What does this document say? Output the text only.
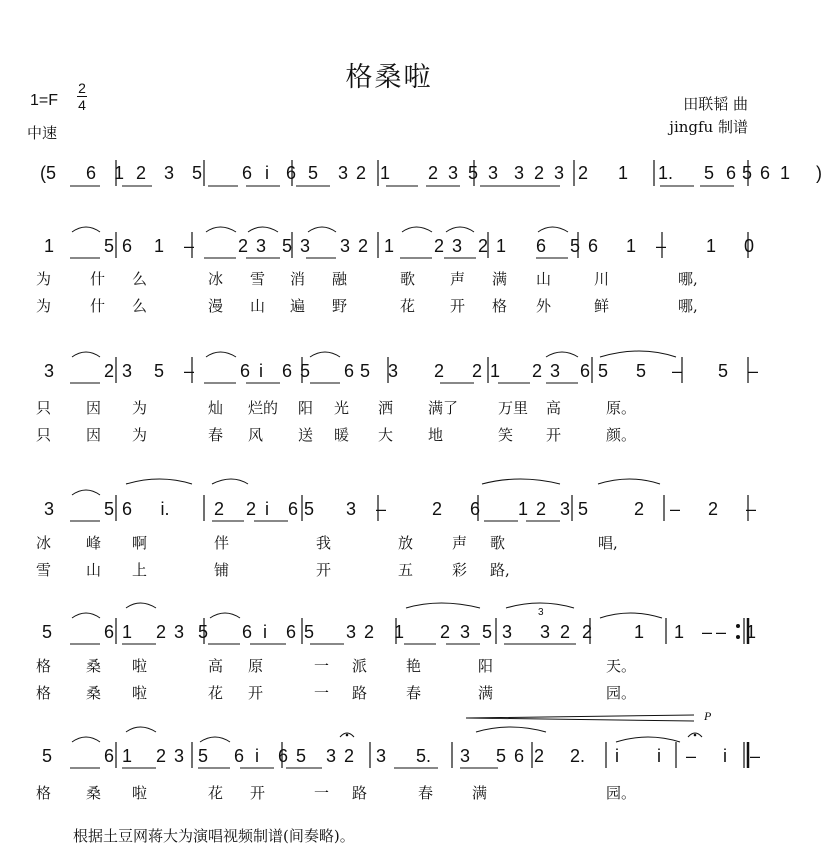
格桑啦
1=F
2
4
中速
田联韬 曲
jingfu 制谱
(5 6 1 2 3 5 6 i 6 5 3 2 1 2 3 5 3 3 2 3 2 1 1. 5 6 5 6 1 )
1	5 6 1 – 2 3 5 3 3 2 1 2 3 2 1 6 5 6 1 – 1 0
为	什 么	冰 雪 消 融	歌 声 满 山	川	哪,
为	什 么	漫 山 遍 野	花 开 格 外	鲜	哪,
3	2 3 5 –	6 i 6 5 6 5 3 2 2 1 2 3 6 5 5 – 5 –
只 因 为	灿 烂的 阳 光 洒 满了	万里 高	原。
只 因 为	春 风 送 暖 大 地	笑 开	颜。
3	5 6 i. 2 2 i 6 5 3 –	2 6 1 2 3 5	2 – 2 –
冰 峰 啊	伴	我	放	声 歌	唱,
雪 山 上	铺	开	五	彩 路,
5	6 1 2 3 5 6 i 6 5 3 2 1 2 3 5 3 3 2 2 1 1 – 1
–
格 桑 啦	高 原	一 派	艳	阳	天。
格 桑 啦	花 开	一 路	春	满	园。
5	6 1 2 3 5 6 i 6 5 3 2 3 5. 3 5 6 2 2. i i – i –
格 桑 啦	花 开	一 路	春	满	园。
根据土豆网蒋大为演唱视频制谱(间奏略)。
P
3
